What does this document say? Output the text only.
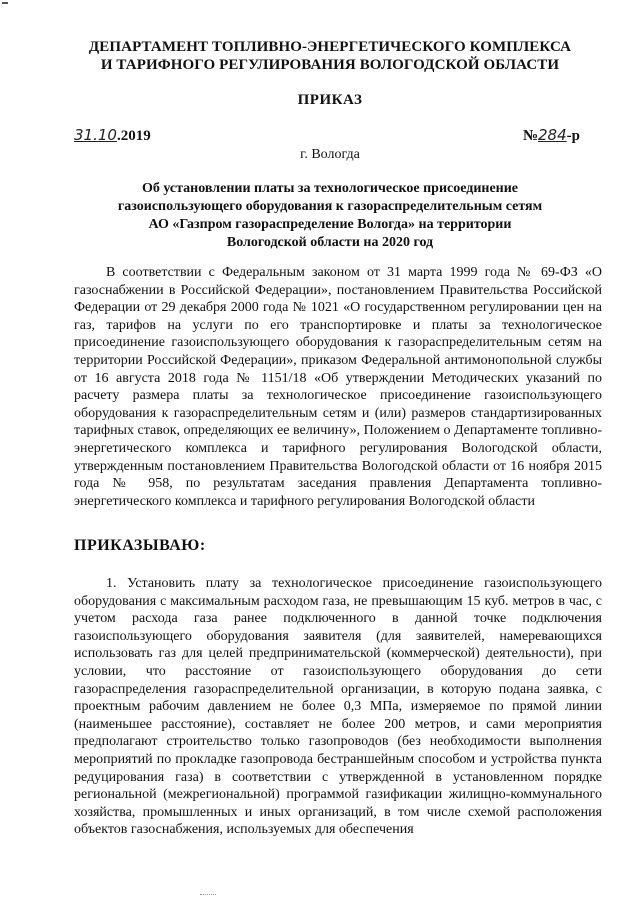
ДЕПАРТАМЕНТ ТОПЛИВНО-ЭНЕРГЕТИЧЕСКОГО КОМПЛЕКСА
И ТАРИФНОГО РЕГУЛИРОВАНИЯ ВОЛОГОДСКОЙ ОБЛАСТИ
ПРИКАЗ
31.10.2019	№284-р
г. Вологда
Об установлении платы за технологическое присоединение
газоиспользующего оборудования к газораспределительным сетям
АО «Газпром газораспределение Вологда» на территории
Вологодской области на 2020 год
В соответствии с Федеральным законом от 31 марта 1999 года № 69-ФЗ «О газоснабжении в Российской Федерации», постановлением Правительства Российской Федерации от 29 декабря 2000 года № 1021 «О государственном регулировании цен на газ, тарифов на услуги по его транспортировке и платы за технологическое присоединение газоиспользующего оборудования к газораспределительным сетям на территории Российской Федерации», приказом Федеральной антимонопольной службы от 16 августа 2018 года № 1151/18 «Об утверждении Методических указаний по расчету размера платы за технологическое присоединение газоиспользующего оборудования к газораспределительным сетям и (или) размеров стандартизированных тарифных ставок, определяющих ее величину», Положением о Департаменте топливно-энергетического комплекса и тарифного регулирования Вологодской области, утвержденным постановлением Правительства Вологодской области от 16 ноября 2015 года № 958, по результатам заседания правления Департамента топливно-энергетического комплекса и тарифного регулирования Вологодской области
ПРИКАЗЫВАЮ:
1. Установить плату за технологическое присоединение газоиспользующего оборудования с максимальным расходом газа, не превышающим 15 куб. метров в час, с учетом расхода газа ранее подключенного в данной точке подключения газоиспользующего оборудования заявителя (для заявителей, намеревающихся использовать газ для целей предпринимательской (коммерческой) деятельности), при условии, что расстояние от газоиспользующего оборудования до сети газораспределения газораспределительной организации, в которую подана заявка, с проектным рабочим давлением не более 0,3 МПа, измеряемое по прямой линии (наименьшее расстояние), составляет не более 200 метров, и сами мероприятия предполагают строительство только газопроводов (без необходимости выполнения мероприятий по прокладке газопровода бестраншейным способом и устройства пункта редуцирования газа) в соответствии с утвержденной в установленном порядке региональной (межрегиональной) программой газификации жилищно-коммунального хозяйства, промышленных и иных организаций, в том числе схемой расположения объектов газоснабжения, используемых для обеспечения
